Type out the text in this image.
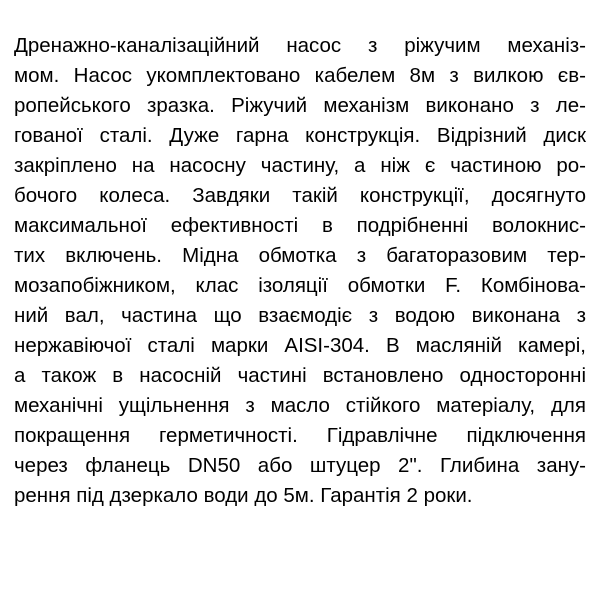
Дренажно-каналізаційний насос з ріжучим механіз-
мом. Насос укомплектовано кабелем 8м з вилкою єв-
ропейського зразка. Ріжучий механізм виконано з ле-
гованої сталі. Дуже гарна конструкція. Відрізний диск
закріплено на насосну частину, а ніж є частиною ро-
бочого колеса. Завдяки такій конструкції, досягнуто
максимальної ефективності в подрібненні волокнис-
тих включень. Мідна обмотка з багаторазовим тер-
мозапобіжником, клас ізоляції обмотки F. Комбінова-
ний вал, частина що взаємодіє з водою виконана з
нержавіючої сталі марки AISI-304. В масляній камері,
а також в насосній частині встановлено односторонні
механічні ущільнення з масло стійкого матеріалу, для
покращення герметичності. Гідравлічне підключення
через фланець DN50 або штуцер 2". Глибина зану-
рення під дзеркало води до 5м. Гарантія 2 роки.
